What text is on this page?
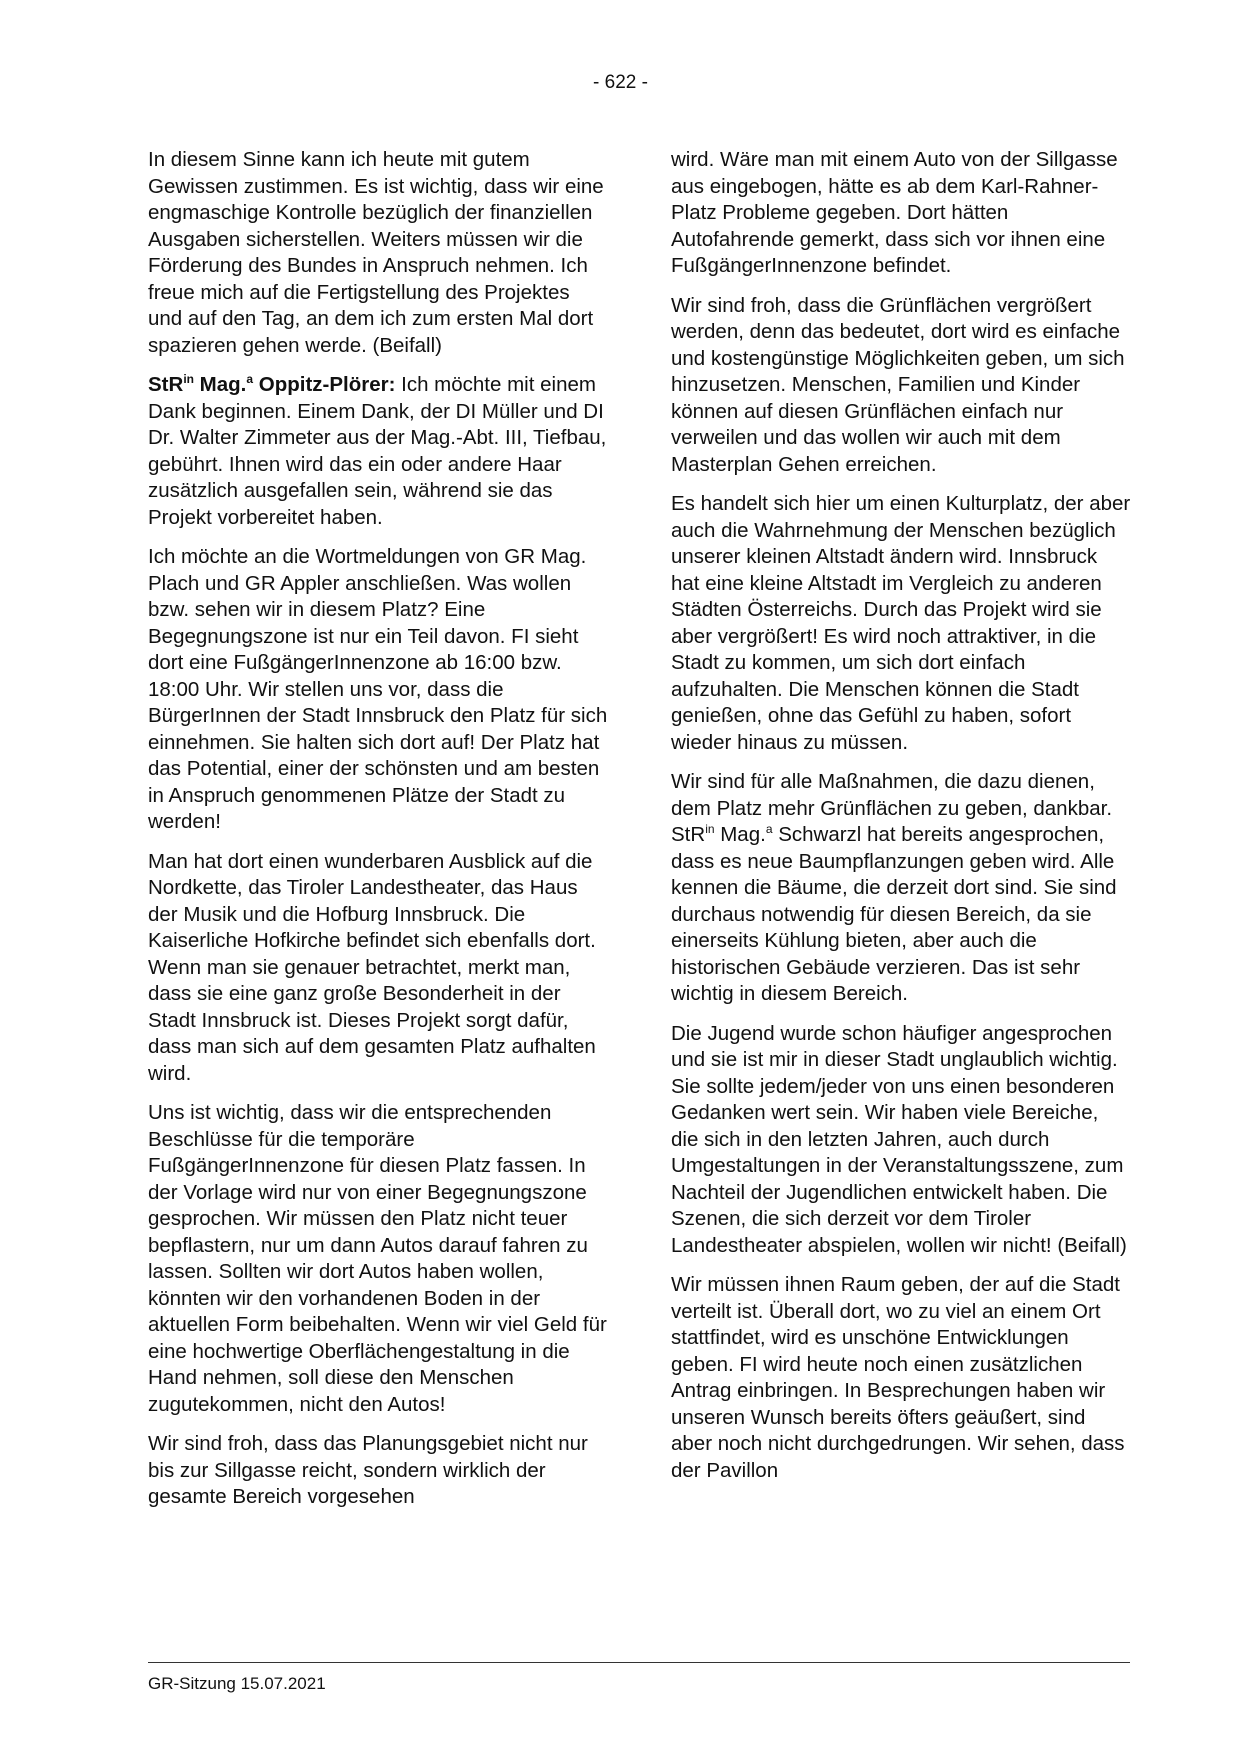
- 622 -

In diesem Sinne kann ich heute mit gutem Gewissen zustimmen. Es ist wichtig, dass wir eine engmaschige Kontrolle bezüglich der finanziellen Ausgaben sicherstellen. Weiters müssen wir die Förderung des Bundes in Anspruch nehmen. Ich freue mich auf die Fertigstellung des Projektes und auf den Tag, an dem ich zum ersten Mal dort spazieren gehen werde. (Beifall)

StR$^{in}$ Mag.$^a$ Oppitz-Plörer: Ich möchte mit einem Dank beginnen. Einem Dank, der DI Müller und DI Dr. Walter Zimmeter aus der Mag.-Abt. III, Tiefbau, gebührt. Ihnen wird das ein oder andere Haar zusätzlich ausgefallen sein, während sie das Projekt vorbereitet haben.

Ich möchte an die Wortmeldungen von GR Mag. Plach und GR Appler anschließen. Was wollen bzw. sehen wir in diesem Platz? Eine Begegnungszone ist nur ein Teil davon. FI sieht dort eine FußgängerInnenzone ab 16:00 bzw. 18:00 Uhr. Wir stellen uns vor, dass die BürgerInnen der Stadt Innsbruck den Platz für sich einnehmen. Sie halten sich dort auf! Der Platz hat das Potential, einer der schönsten und am besten in Anspruch genommenen Plätze der Stadt zu werden!

Man hat dort einen wunderbaren Ausblick auf die Nordkette, das Tiroler Landestheater, das Haus der Musik und die Hofburg Innsbruck. Die Kaiserliche Hofkirche befindet sich ebenfalls dort. Wenn man sie genauer betrachtet, merkt man, dass sie eine ganz große Besonderheit in der Stadt Innsbruck ist. Dieses Projekt sorgt dafür, dass man sich auf dem gesamten Platz aufhalten wird.

Uns ist wichtig, dass wir die entsprechenden Beschlüsse für die temporäre FußgängerInnenzone für diesen Platz fassen. In der Vorlage wird nur von einer Begegnungszone gesprochen. Wir müssen den Platz nicht teuer bepflastern, nur um dann Autos darauf fahren zu lassen. Sollten wir dort Autos haben wollen, könnten wir den vorhandenen Boden in der aktuellen Form beibehalten. Wenn wir viel Geld für eine hochwertige Oberflächengestaltung in die Hand nehmen, soll diese den Menschen zugutekommen, nicht den Autos!

Wir sind froh, dass das Planungsgebiet nicht nur bis zur Sillgasse reicht, sondern wirklich der gesamte Bereich vorgesehen

wird. Wäre man mit einem Auto von der Sillgasse aus eingebogen, hätte es ab dem Karl-Rahner-Platz Probleme gegeben. Dort hätten Autofahrende gemerkt, dass sich vor ihnen eine FußgängerInnenzone befindet.

Wir sind froh, dass die Grünflächen vergrößert werden, denn das bedeutet, dort wird es einfache und kostengünstige Möglichkeiten geben, um sich hinzusetzen. Menschen, Familien und Kinder können auf diesen Grünflächen einfach nur verweilen und das wollen wir auch mit dem Masterplan Gehen erreichen.

Es handelt sich hier um einen Kulturplatz, der aber auch die Wahrnehmung der Menschen bezüglich unserer kleinen Altstadt ändern wird. Innsbruck hat eine kleine Altstadt im Vergleich zu anderen Städten Österreichs. Durch das Projekt wird sie aber vergrößert! Es wird noch attraktiver, in die Stadt zu kommen, um sich dort einfach aufzuhalten. Die Menschen können die Stadt genießen, ohne das Gefühl zu haben, sofort wieder hinaus zu müssen.

Wir sind für alle Maßnahmen, die dazu dienen, dem Platz mehr Grünflächen zu geben, dankbar. StR$^{in}$ Mag.$^a$ Schwarzl hat bereits angesprochen, dass es neue Baumpflanzungen geben wird. Alle kennen die Bäume, die derzeit dort sind. Sie sind durchaus notwendig für diesen Bereich, da sie einerseits Kühlung bieten, aber auch die historischen Gebäude verzieren. Das ist sehr wichtig in diesem Bereich.

Die Jugend wurde schon häufiger angesprochen und sie ist mir in dieser Stadt unglaublich wichtig. Sie sollte jedem/jeder von uns einen besonderen Gedanken wert sein. Wir haben viele Bereiche, die sich in den letzten Jahren, auch durch Umgestaltungen in der Veranstaltungsszene, zum Nachteil der Jugendlichen entwickelt haben. Die Szenen, die sich derzeit vor dem Tiroler Landestheater abspielen, wollen wir nicht! (Beifall)

Wir müssen ihnen Raum geben, der auf die Stadt verteilt ist. Überall dort, wo zu viel an einem Ort stattfindet, wird es unschöne Entwicklungen geben. FI wird heute noch einen zusätzlichen Antrag einbringen. In Besprechungen haben wir unseren Wunsch bereits öfters geäußert, sind aber noch nicht durchgedrungen. Wir sehen, dass der Pavillon

GR-Sitzung 15.07.2021
